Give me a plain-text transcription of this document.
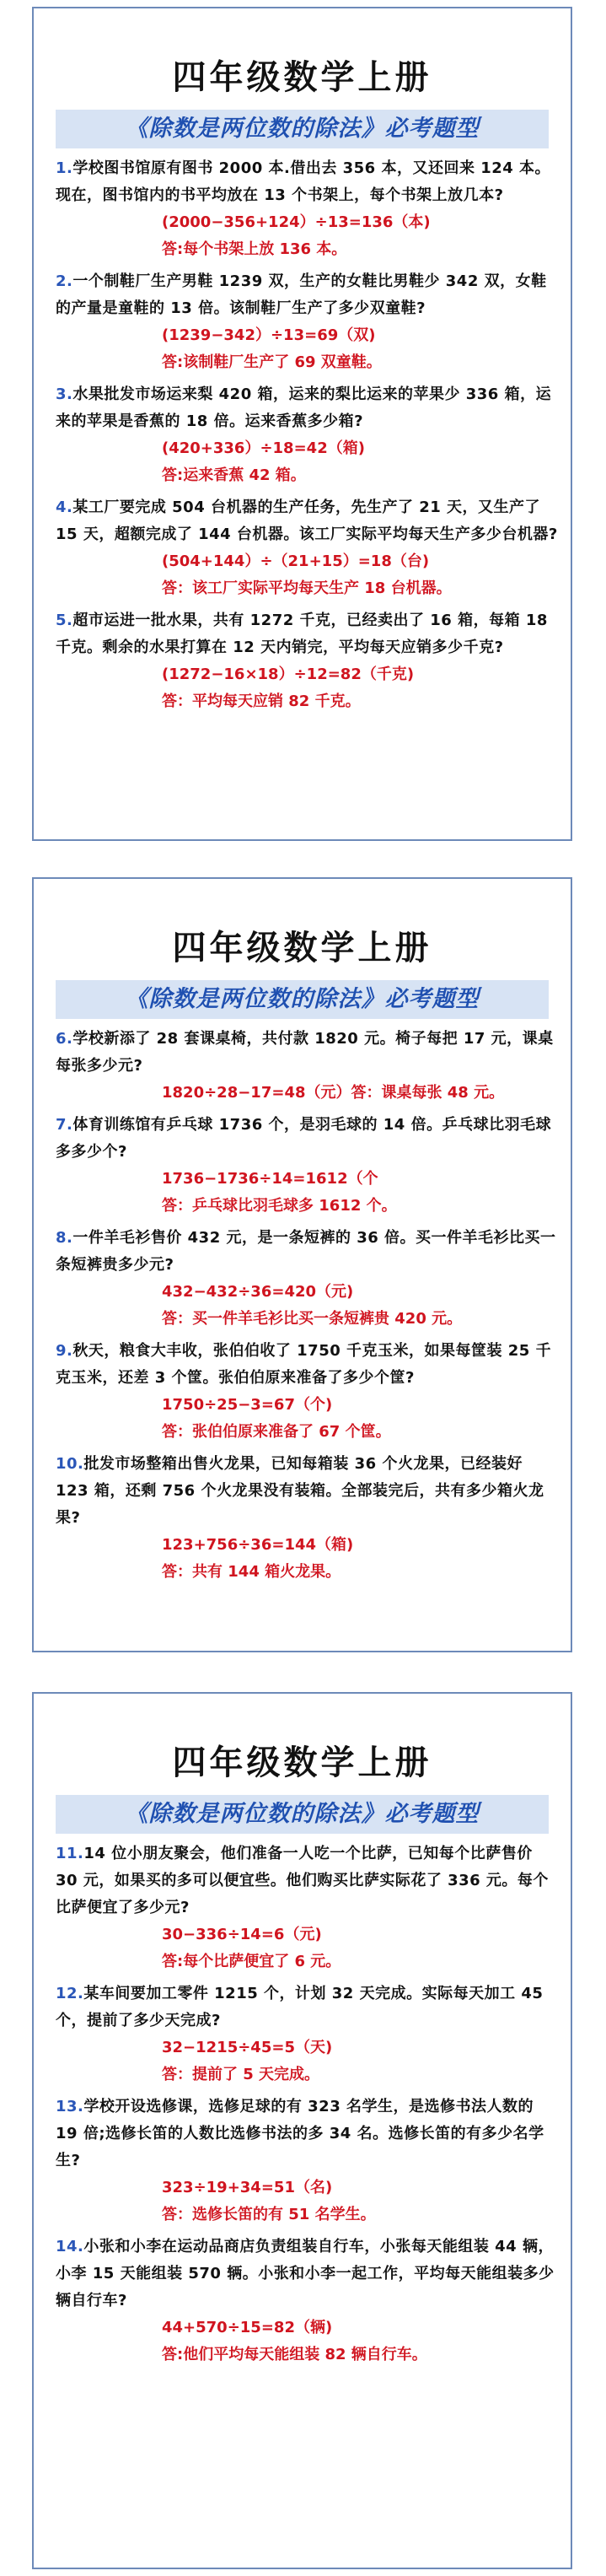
四年级数学上册
《除数是两位数的除法》必考题型
1.学校图书馆原有图书 2000 本.借出去 356 本，又还回来 124 本。现在，图书馆内的书平均放在 13 个书架上，每个书架上放几本?
(2000−356+124）÷13=136（本)
答:每个书架上放 136 本。
2.一个制鞋厂生产男鞋 1239 双，生产的女鞋比男鞋少 342 双，女鞋的产量是童鞋的 13 倍。该制鞋厂生产了多少双童鞋?
(1239−342）÷13=69（双)
答:该制鞋厂生产了 69 双童鞋。
3.水果批发市场运来梨 420 箱，运来的梨比运来的苹果少 336 箱，运来的苹果是香蕉的 18 倍。运来香蕉多少箱?
(420+336）÷18=42（箱)
答:运来香蕉 42 箱。
4.某工厂要完成 504 台机器的生产任务，先生产了 21 天，又生产了 15 天，超额完成了 144 台机器。该工厂实际平均每天生产多少台机器?
(504+144）÷（21+15）=18（台)
答：该工厂实际平均每天生产 18 台机器。
5.超市运进一批水果，共有 1272 千克，已经卖出了 16 箱，每箱 18 千克。剩余的水果打算在 12 天内销完，平均每天应销多少千克?
(1272−16×18）÷12=82（千克)
答：平均每天应销 82 千克。
四年级数学上册
《除数是两位数的除法》必考题型
6.学校新添了 28 套课桌椅，共付款 1820 元。椅子每把 17 元，课桌每张多少元?
1820÷28−17=48（元）答：课桌每张 48 元。
7.体育训练馆有乒乓球 1736 个，是羽毛球的 14 倍。乒乓球比羽毛球多多少个?
1736−1736÷14=1612（个
答：乒乓球比羽毛球多 1612 个。
8.一件羊毛衫售价 432 元，是一条短裤的 36 倍。买一件羊毛衫比买一条短裤贵多少元?
432−432÷36=420（元)
答：买一件羊毛衫比买一条短裤贵 420 元。
9.秋天，粮食大丰收，张伯伯收了 1750 千克玉米，如果每筐装 25 千克玉米，还差 3 个筐。张伯伯原来准备了多少个筐?
1750÷25−3=67（个)
答：张伯伯原来准备了 67 个筐。
10.批发市场整箱出售火龙果，已知每箱装 36 个火龙果，已经装好 123 箱，还剩 756 个火龙果没有装箱。全部装完后，共有多少箱火龙果?
123+756÷36=144（箱)
答：共有 144 箱火龙果。
四年级数学上册
《除数是两位数的除法》必考题型
11.14 位小朋友聚会，他们准备一人吃一个比萨，已知每个比萨售价 30 元，如果买的多可以便宜些。他们购买比萨实际花了 336 元。每个比萨便宜了多少元?
30−336÷14=6（元)
答:每个比萨便宜了 6 元。
12.某车间要加工零件 1215 个，计划 32 天完成。实际每天加工 45 个，提前了多少天完成?
32−1215÷45=5（天)
答：提前了 5 天完成。
13.学校开设选修课，选修足球的有 323 名学生，是选修书法人数的 19 倍;选修长笛的人数比选修书法的多 34 名。选修长笛的有多少名学生?
323÷19+34=51（名)
答：选修长笛的有 51 名学生。
14.小张和小李在运动品商店负责组装自行车，小张每天能组装 44 辆，小李 15 天能组装 570 辆。小张和小李一起工作，平均每天能组装多少辆自行车?
44+570÷15=82（辆)
答:他们平均每天能组装 82 辆自行车。
